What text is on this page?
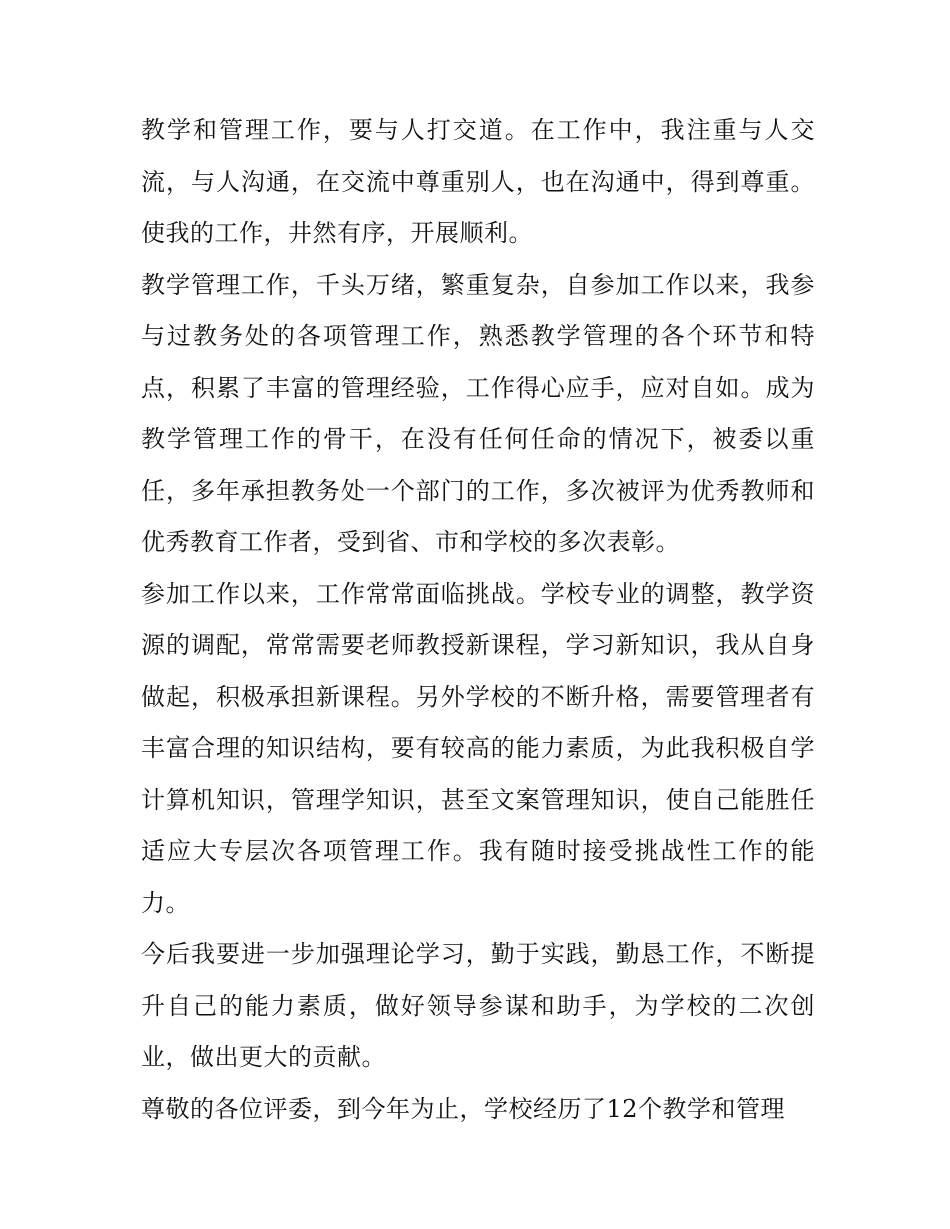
教学和管理工作，要与人打交道。在工作中，我注重与人交流，与人沟通，在交流中尊重别人，也在沟通中，得到尊重。使我的工作，井然有序，开展顺利。

教学管理工作，千头万绪，繁重复杂，自参加工作以来，我参与过教务处的各项管理工作，熟悉教学管理的各个环节和特点，积累了丰富的管理经验，工作得心应手，应对自如。成为教学管理工作的骨干，在没有任何任命的情况下，被委以重任，多年承担教务处一个部门的工作，多次被评为优秀教师和优秀教育工作者，受到省、市和学校的多次表彰。

参加工作以来，工作常常面临挑战。学校专业的调整，教学资源的调配，常常需要老师教授新课程，学习新知识，我从自身做起，积极承担新课程。另外学校的不断升格，需要管理者有丰富合理的知识结构，要有较高的能力素质，为此我积极自学计算机知识，管理学知识，甚至文案管理知识，使自己能胜任适应大专层次各项管理工作。我有随时接受挑战性工作的能力。

今后我要进一步加强理论学习，勤于实践，勤恳工作，不断提升自己的能力素质，做好领导参谋和助手，为学校的二次创业，做出更大的贡献。

尊敬的各位评委，到今年为止，学校经历了12个教学和管理
